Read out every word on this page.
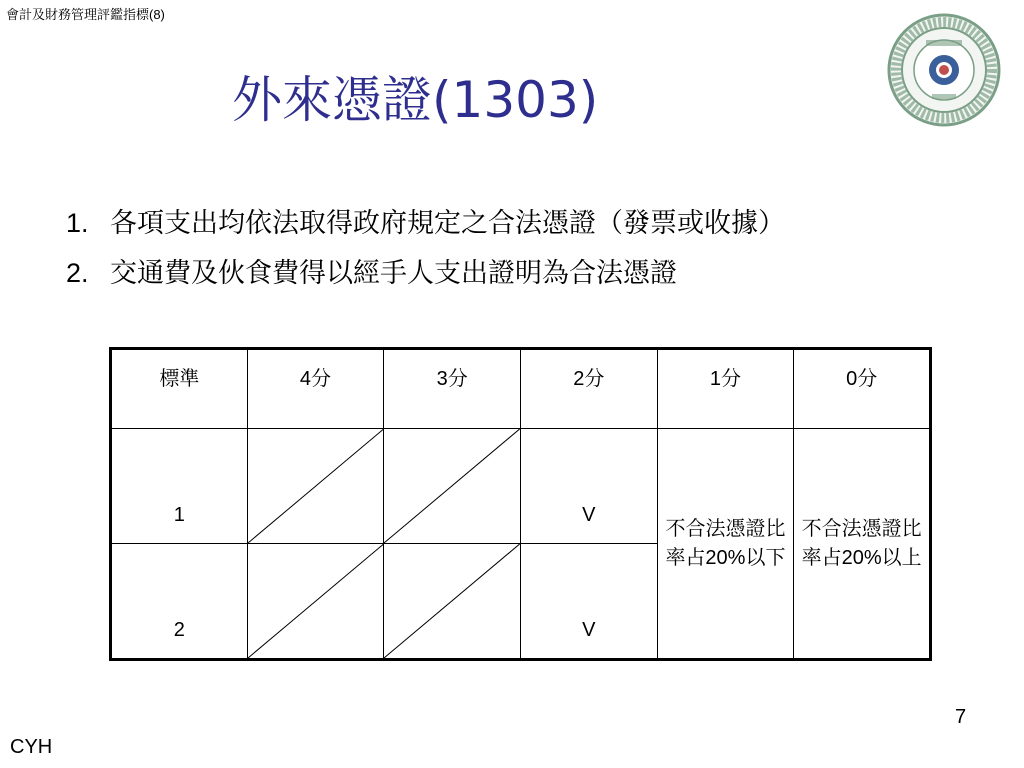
會計及財務管理評鑑指標(8)
外來憑證(1303)
1. 各項支出均依法取得政府規定之合法憑證（發票或收據）
2. 交通費及伙食費得以經手人支出證明為合法憑證
標準	4分	3分	2分	1分	0分
1			V	不合法憑證比率占20%以下	不合法憑證比率占20%以上
2			V		
7
CYH
